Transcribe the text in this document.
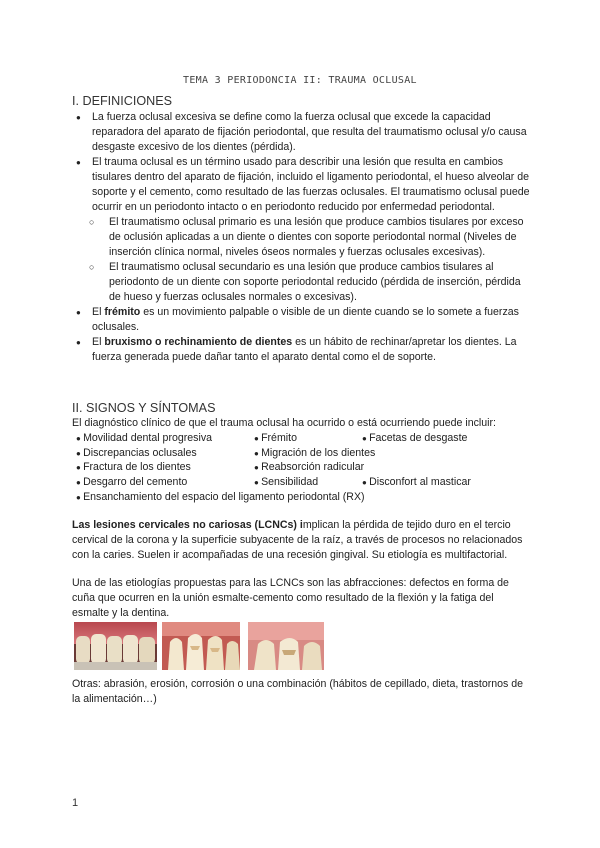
TEMA 3 PERIODONCIA II: TRAUMA OCLUSAL
I. DEFINICIONES
● La fuerza oclusal excesiva se define como la fuerza oclusal que excede la capacidad reparadora del aparato de fijación periodontal, que resulta del traumatismo oclusal y/o causa desgaste excesivo de los dientes (pérdida).
● El trauma oclusal es un término usado para describir una lesión que resulta en cambios tisulares dentro del aparato de fijación, incluido el ligamento periodontal, el hueso alveolar de soporte y el cemento, como resultado de las fuerzas oclusales. El traumatismo oclusal puede ocurrir en un periodonto intacto o en periodonto reducido por enfermedad periodontal.
○ El traumatismo oclusal primario es una lesión que produce cambios tisulares por exceso de oclusión aplicadas a un diente o dientes con soporte periodontal normal (Niveles de inserción clínica normal, niveles óseos normales y fuerzas oclusales excesivas).
○ El traumatismo oclusal secundario es una lesión que produce cambios tisulares al periodonto de un diente con soporte periodontal reducido (pérdida de inserción, pérdida de hueso y fuerzas oclusales normales o excesivas).
● El frémito es un movimiento palpable o visible de un diente cuando se lo somete a fuerzas oclusales.
● El bruxismo o rechinamiento de dientes es un hábito de rechinar/apretar los dientes. La fuerza generada puede dañar tanto el aparato dental como el de soporte.
II. SIGNOS Y SÍNTOMAS
El diagnóstico clínico de que el trauma oclusal ha ocurrido o está ocurriendo puede incluir:
● Movilidad dental progresiva	● Frémito	● Facetas de desgaste
● Discrepancias oclusales	● Migración de los dientes
● Fractura de los dientes	● Reabsorción radicular
● Desgarro del cemento	● Sensibilidad	● Disconfort al masticar
● Ensanchamiento del espacio del ligamento periodontal (RX)
Las lesiones cervicales no cariosas (LCNCs) implican la pérdida de tejido duro en el tercio cervical de la corona y la superficie subyacente de la raíz, a través de procesos no relacionados con la caries. Suelen ir acompañadas de una recesión gingival. Su etiología es multifactorial.
Una de las etiologías propuestas para las LCNCs son las abfracciones: defectos en forma de cuña que ocurren en la unión esmalte-cemento como resultado de la flexión y la fatiga del esmalte y la dentina.
Otras: abrasión, erosión, corrosión o una combinación (hábitos de cepillado, dieta, trastornos de la alimentación…)
1
